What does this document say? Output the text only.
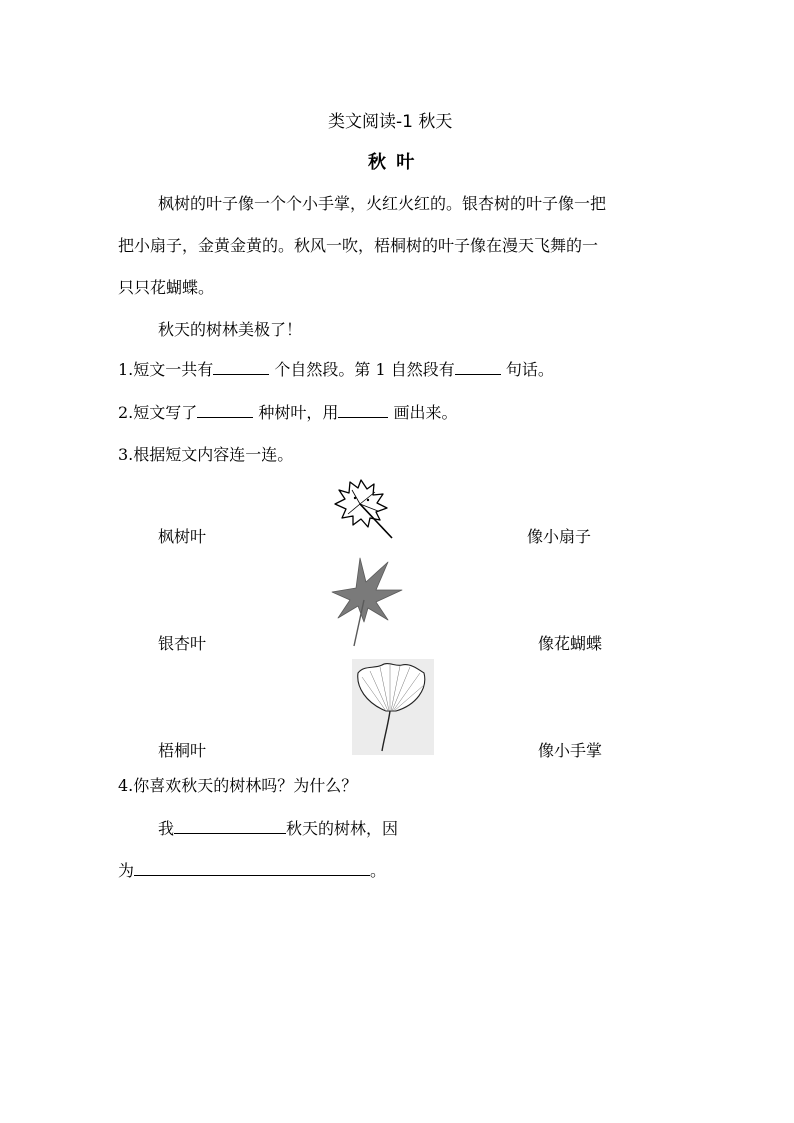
类文阅读-1 秋天
秋 叶
枫树的叶子像一个个小手掌，火红火红的。银杏树的叶子像一把
把小扇子，金黄金黄的。秋风一吹，梧桐树的叶子像在漫天飞舞的一
只只花蝴蝶。
秋天的树林美极了！
1.短文一共有	个自然段。第 1 自然段有	句话。
2.短文写了	种树叶，用	画出来。
3.根据短文内容连一连。
枫树叶
银杏叶
梧桐叶
像小扇子
像花蝴蝶
像小手掌
4.你喜欢秋天的树林吗？为什么？
我	秋天的树林，因
为	。
